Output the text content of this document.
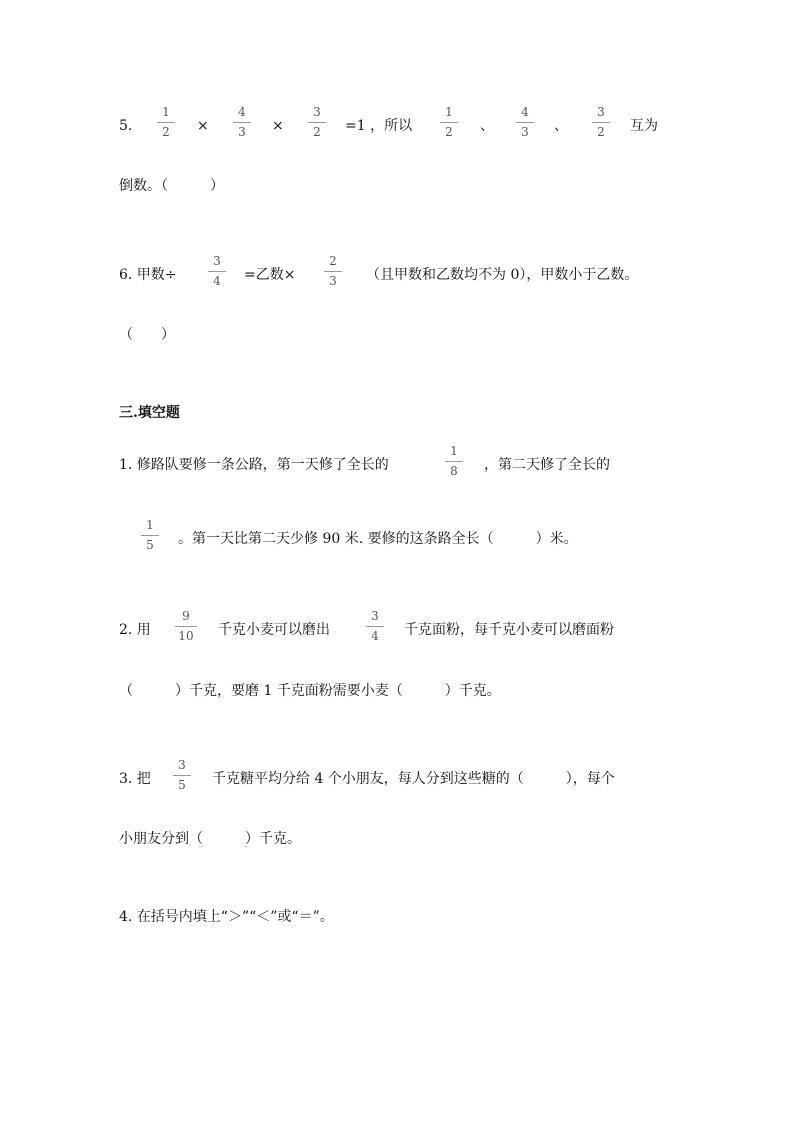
5.
1
2	×
4
3	×
3
2	=1 ，所以
1
2	、
4
3	、
3
2	互为
倒数。（　　　）
6. 甲数÷
3
4	=乙数×
2
3	（且甲数和乙数均不为 0），甲数小于乙数。
（　　）
三.填空题
1. 修路队要修一条公路，第一天修了全长的
1
8	，第二天修了全长的
1
5	。第一天比第二天少修 90 米. 要修的这条路全长（　　　）米。
2. 用
9
10 千克小麦可以磨出
3
4	千克面粉，每千克小麦可以磨面粉
（　　　）千克，要磨 1 千克面粉需要小麦（　　　）千克。
3. 把
3
5	千克糖平均分给 4 个小朋友，每人分到这些糖的（　　　），每个
小朋友分到（　　　）千克。
4. 在括号内填上“＞”“＜”或“＝”。
